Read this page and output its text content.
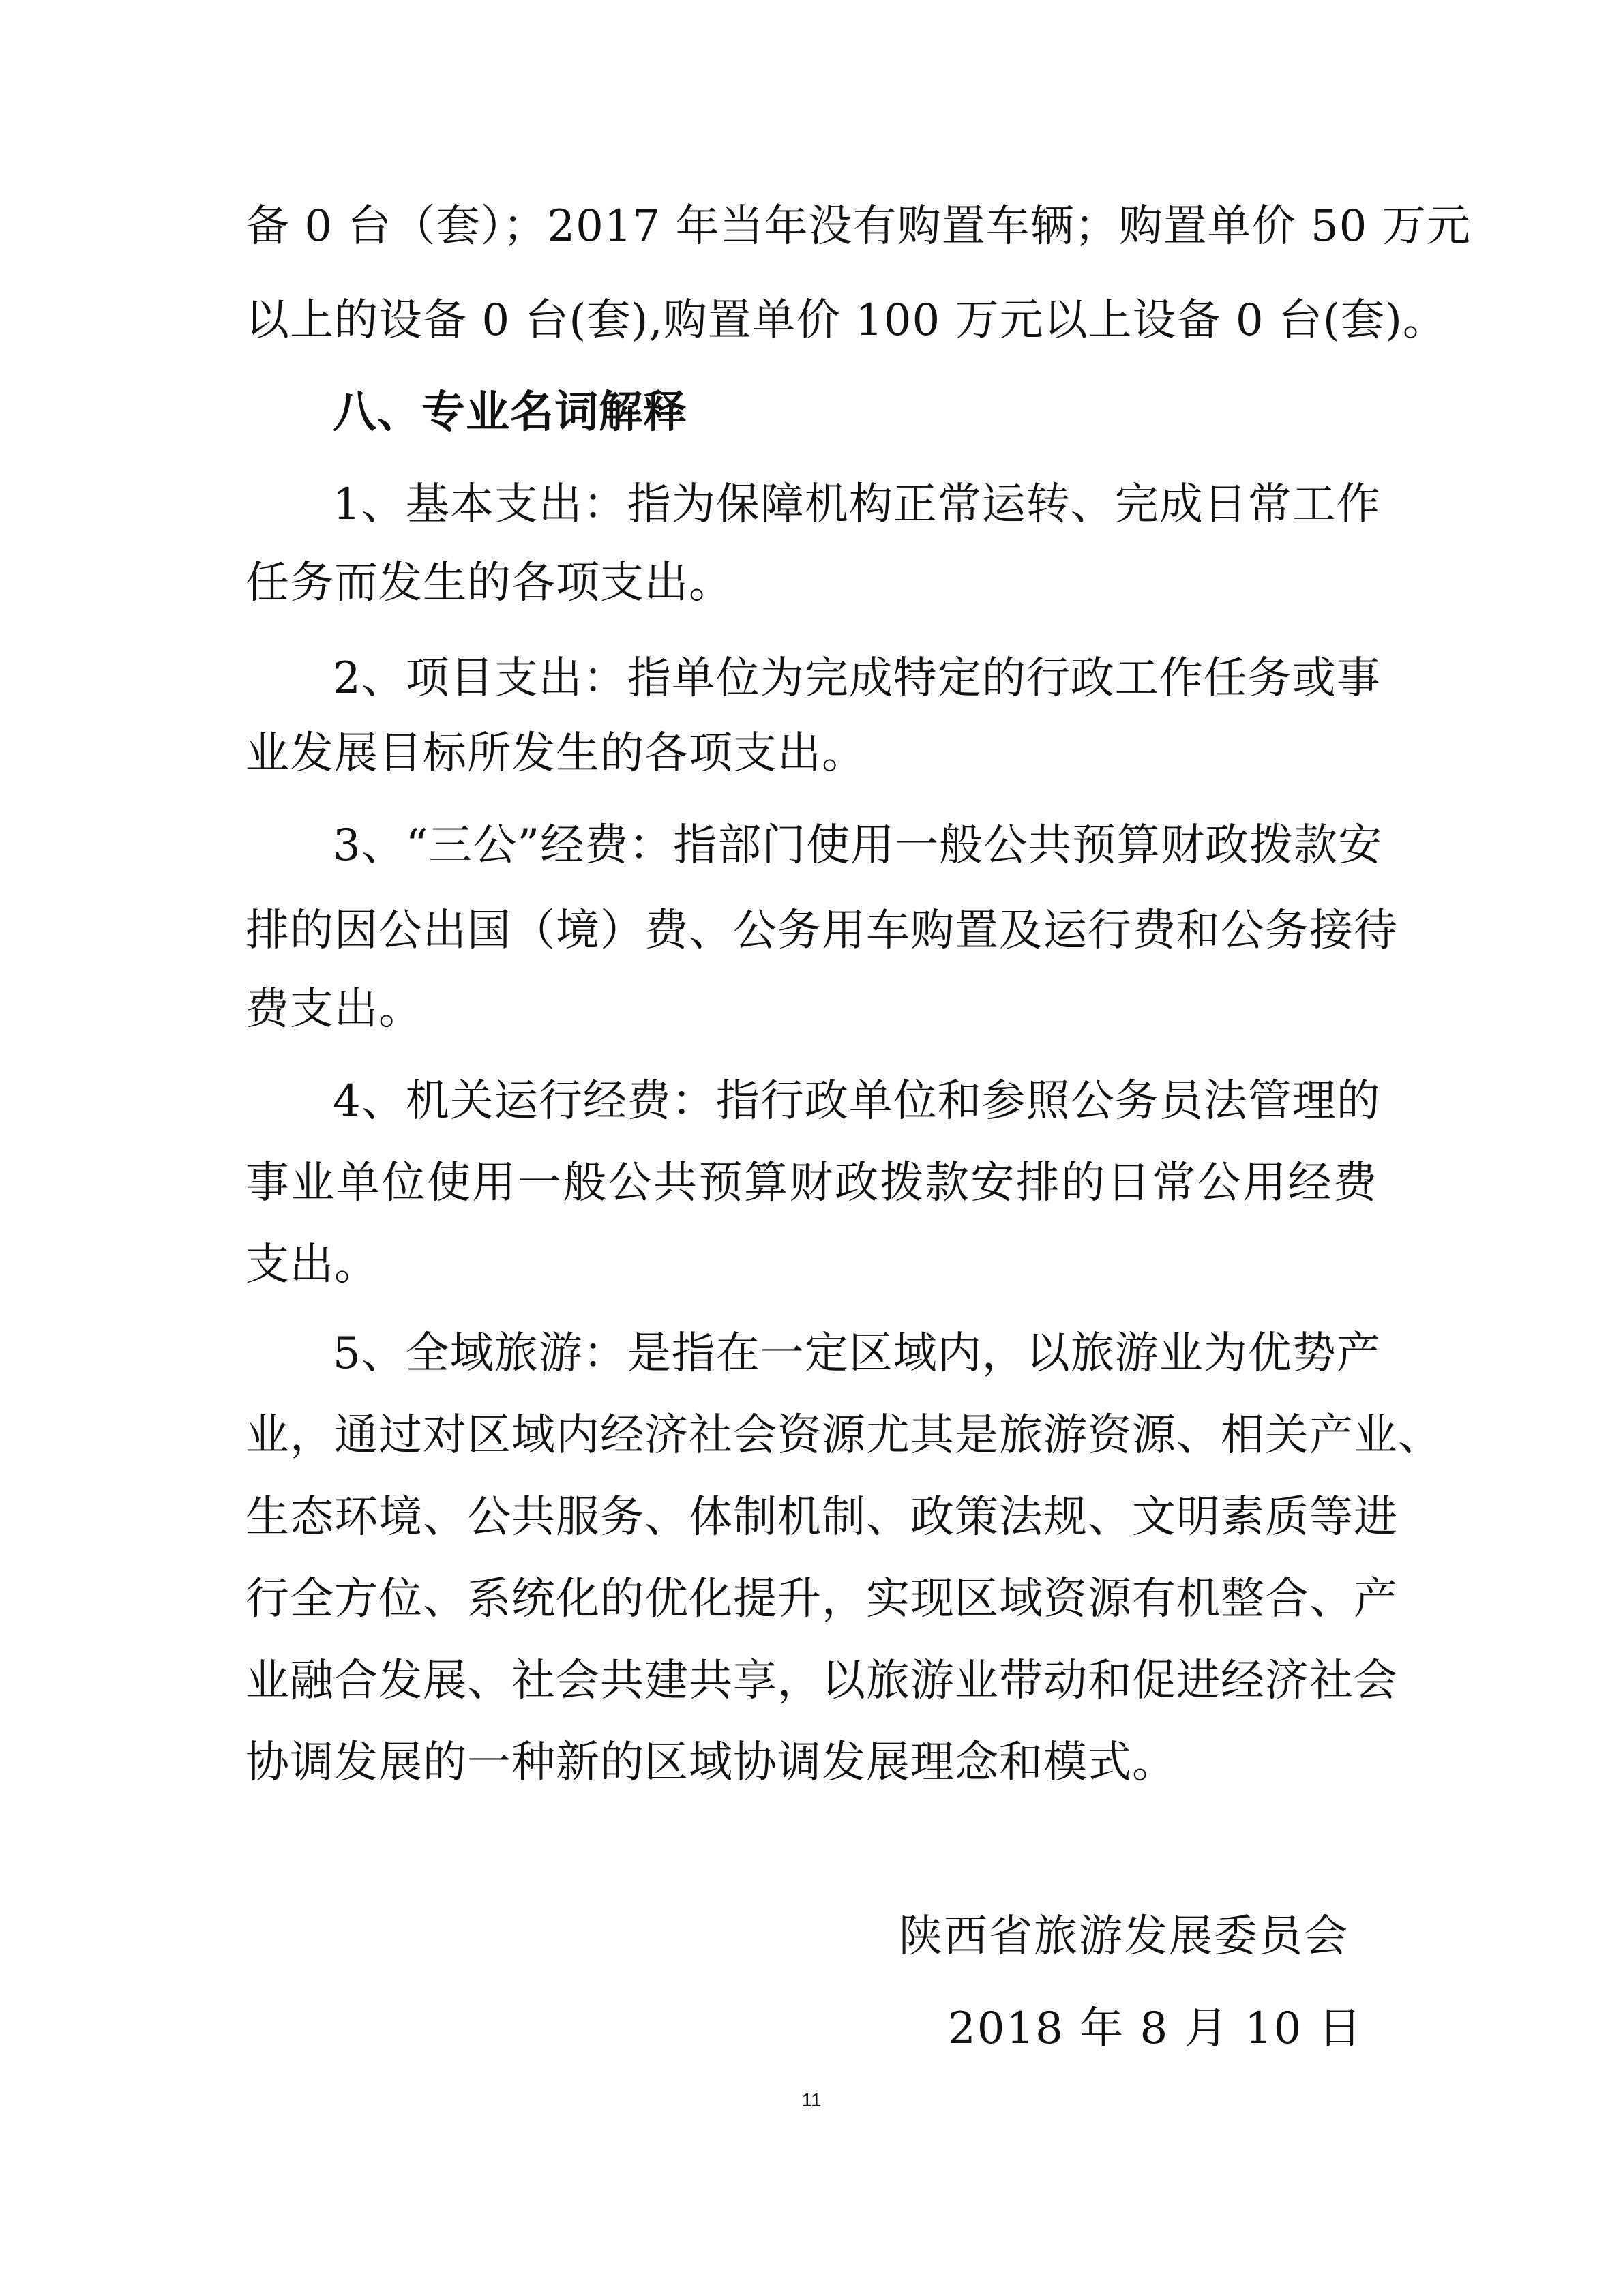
备 0 台（套）；2017 年当年没有购置车辆；购置单价 50 万元
以上的设备 0 台(套),购置单价 100 万元以上设备 0 台(套)。
八、专业名词解释
1、基本支出：指为保障机构正常运转、完成日常工作
任务而发生的各项支出。
2、项目支出：指单位为完成特定的行政工作任务或事
业发展目标所发生的各项支出。
3、“三公”经费：指部门使用一般公共预算财政拨款安
排的因公出国（境）费、公务用车购置及运行费和公务接待
费支出。
4、机关运行经费：指行政单位和参照公务员法管理的
事业单位使用一般公共预算财政拨款安排的日常公用经费
支出。
5、全域旅游：是指在一定区域内，以旅游业为优势产
业，通过对区域内经济社会资源尤其是旅游资源、相关产业、
生态环境、公共服务、体制机制、政策法规、文明素质等进
行全方位、系统化的优化提升，实现区域资源有机整合、产
业融合发展、社会共建共享，以旅游业带动和促进经济社会
协调发展的一种新的区域协调发展理念和模式。
陕西省旅游发展委员会
2018 年 8 月 10 日
11
